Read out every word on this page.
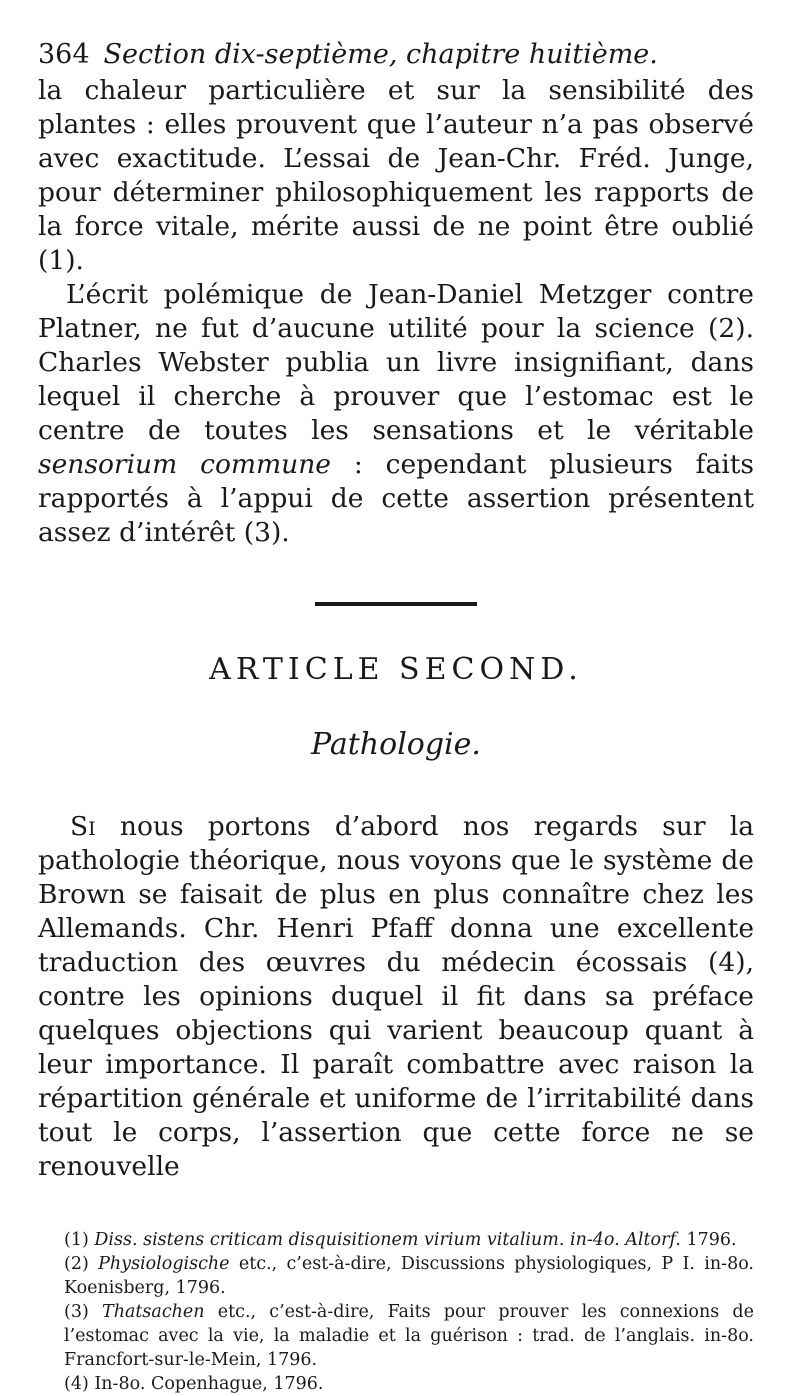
364 Section dix-septième, chapitre huitième.

la chaleur particulière et sur la sensibilité des plantes : elles prouvent que l’auteur n’a pas observé avec exactitude. L’essai de Jean-Chr. Fréd. Junge, pour déterminer philosophiquement les rapports de la force vitale, mérite aussi de ne point être oublié (1).

L’écrit polémique de Jean-Daniel Metzger contre Platner, ne fut d’aucune utilité pour la science (2). Charles Webster publia un livre insignifiant, dans lequel il cherche à prouver que l’estomac est le centre de toutes les sensations et le véritable sensorium commune : cependant plusieurs faits rapportés à l’appui de cette assertion présentent assez d’intérêt (3).

ARTICLE SECOND.
Pathologie.

Si nous portons d’abord nos regards sur la pathologie théorique, nous voyons que le système de Brown se faisait de plus en plus connaître chez les Allemands. Chr. Henri Pfaff donna une excellente traduction des œuvres du médecin écossais (4), contre les opinions duquel il fit dans sa préface quelques objections qui varient beaucoup quant à leur importance. Il paraît combattre avec raison la répartition générale et uniforme de l’irritabilité dans tout le corps, l’assertion que cette force ne se renouvelle

(1) Diss. sistens criticam disquisitionem virium vitalium. in-4o. Altorf. 1796.

(2) Physiologische etc., c’est-à-dire, Discussions physiologiques, P I. in-8o. Koenisberg, 1796.

(3) Thatsachen etc., c’est-à-dire, Faits pour prouver les connexions de l’estomac avec la vie, la maladie et la guérison : trad. de l’anglais. in-8o. Francfort-sur-le-Mein, 1796.

(4) In-8o. Copenhague, 1796.
